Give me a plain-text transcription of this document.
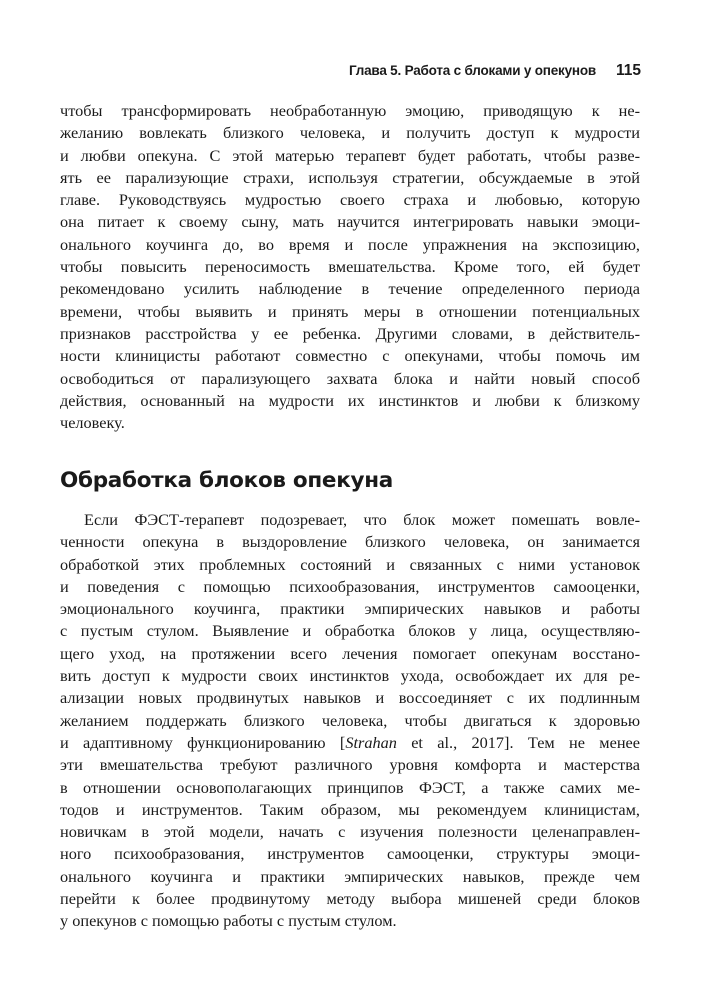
Глава 5. Работа с блоками у опекунов 115
чтобы трансформировать необработанную эмоцию, приводящую к не-
желанию вовлекать близкого человека, и получить доступ к мудрости
и любви опекуна. С этой матерью терапевт будет работать, чтобы разве-
ять ее парализующие страхи, используя стратегии, обсуждаемые в этой
главе. Руководствуясь мудростью своего страха и любовью, которую
она питает к своему сыну, мать научится интегрировать навыки эмоци-
онального коучинга до, во время и после упражнения на экспозицию,
чтобы повысить переносимость вмешательства. Кроме того, ей будет
рекомендовано усилить наблюдение в течение определенного периода
времени, чтобы выявить и принять меры в отношении потенциальных
признаков расстройства у ее ребенка. Другими словами, в действитель-
ности клиницисты работают совместно с опекунами, чтобы помочь им
освободиться от парализующего захвата блока и найти новый способ
действия, основанный на мудрости их инстинктов и любви к близкому
человеку.
Обработка блоков опекуна
Если ФЭСТ-терапевт подозревает, что блок может помешать вовле-
ченности опекуна в выздоровление близкого человека, он занимается
обработкой этих проблемных состояний и связанных с ними установок
и поведения с помощью психообразования, инструментов самооценки,
эмоционального коучинга, практики эмпирических навыков и работы
с пустым стулом. Выявление и обработка блоков у лица, осуществляю-
щего уход, на протяжении всего лечения помогает опекунам восстано-
вить доступ к мудрости своих инстинктов ухода, освобождает их для ре-
ализации новых продвинутых навыков и воссоединяет с их подлинным
желанием поддержать близкого человека, чтобы двигаться к здоровью
и адаптивному функционированию [Strahan et al., 2017]. Тем не менее
эти вмешательства требуют различного уровня комфорта и мастерства
в отношении основополагающих принципов ФЭСТ, а также самих ме-
тодов и инструментов. Таким образом, мы рекомендуем клиницистам,
новичкам в этой модели, начать с изучения полезности целенаправлен-
ного психообразования, инструментов самооценки, структуры эмоци-
онального коучинга и практики эмпирических навыков, прежде чем
перейти к более продвинутому методу выбора мишеней среди блоков
у опекунов с помощью работы с пустым стулом.
